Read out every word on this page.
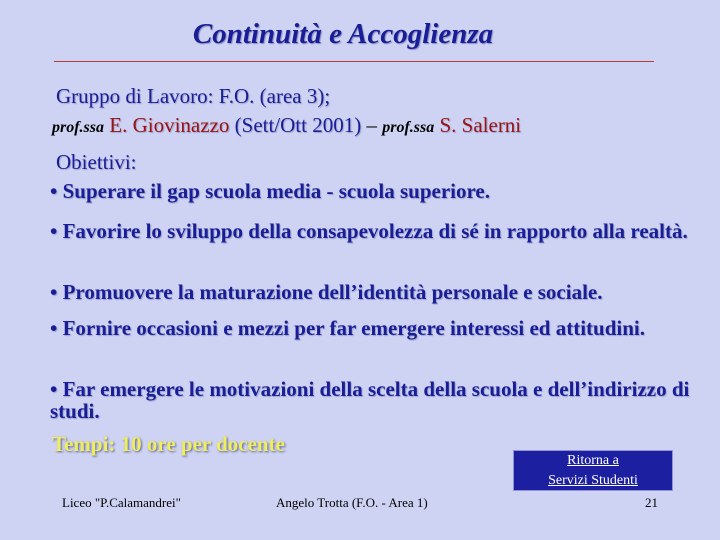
Continuità e Accoglienza
Gruppo di Lavoro: F.O. (area 3);
prof.ssa E. Giovinazzo (Sett/Ott 2001) – prof.ssa S. Salerni
Obiettivi:
• Superare il gap scuola media - scuola superiore.
• Favorire lo sviluppo della consapevolezza di sé in rapporto alla realtà.
• Promuovere la maturazione dell’identità personale e sociale.
• Fornire occasioni e mezzi per far emergere interessi ed attitudini.
• Far emergere le motivazioni della scelta della scuola e dell’indirizzo di studi.
Tempi: 10 ore per docente
Ritorna a
Servizi Studenti
Liceo "P.Calamandrei"	Angelo Trotta (F.O. - Area 1)	21
